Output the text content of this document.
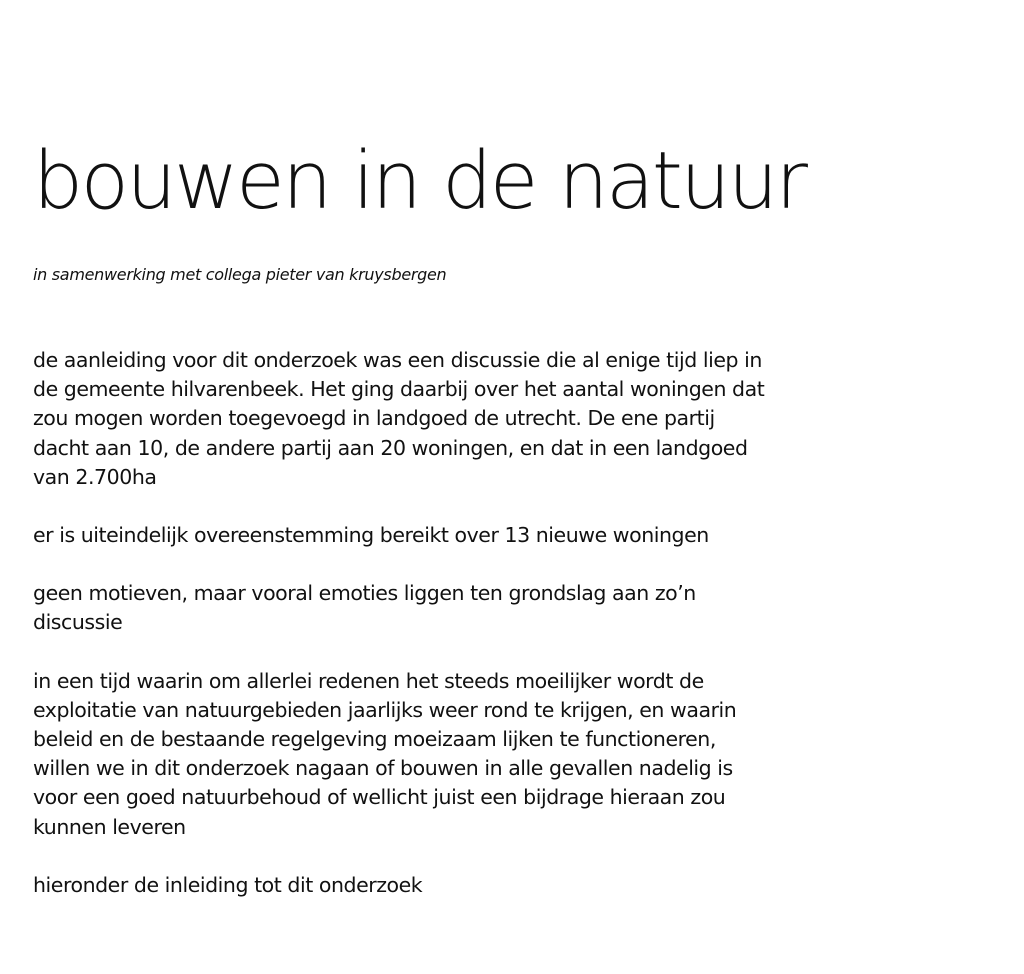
bouwen in de natuur

in samenwerking met collega pieter van kruysbergen

de aanleiding voor dit onderzoek was een discussie die al enige tijd liep in
de gemeente hilvarenbeek. Het ging daarbij over het aantal woningen dat
zou mogen worden toegevoegd in landgoed de utrecht. De ene partij
dacht aan 10, de andere partij aan 20 woningen, en dat in een landgoed
van 2.700ha

er is uiteindelijk overeenstemming bereikt over 13 nieuwe woningen

geen motieven, maar vooral emoties liggen ten grondslag aan zo’n
discussie

in een tijd waarin om allerlei redenen het steeds moeilijker wordt de
exploitatie van natuurgebieden jaarlijks weer rond te krijgen, en waarin
beleid en de bestaande regelgeving moeizaam lijken te functioneren,
willen we in dit onderzoek nagaan of bouwen in alle gevallen nadelig is
voor een goed natuurbehoud of wellicht juist een bijdrage hieraan zou
kunnen leveren

hieronder de inleiding tot dit onderzoek
